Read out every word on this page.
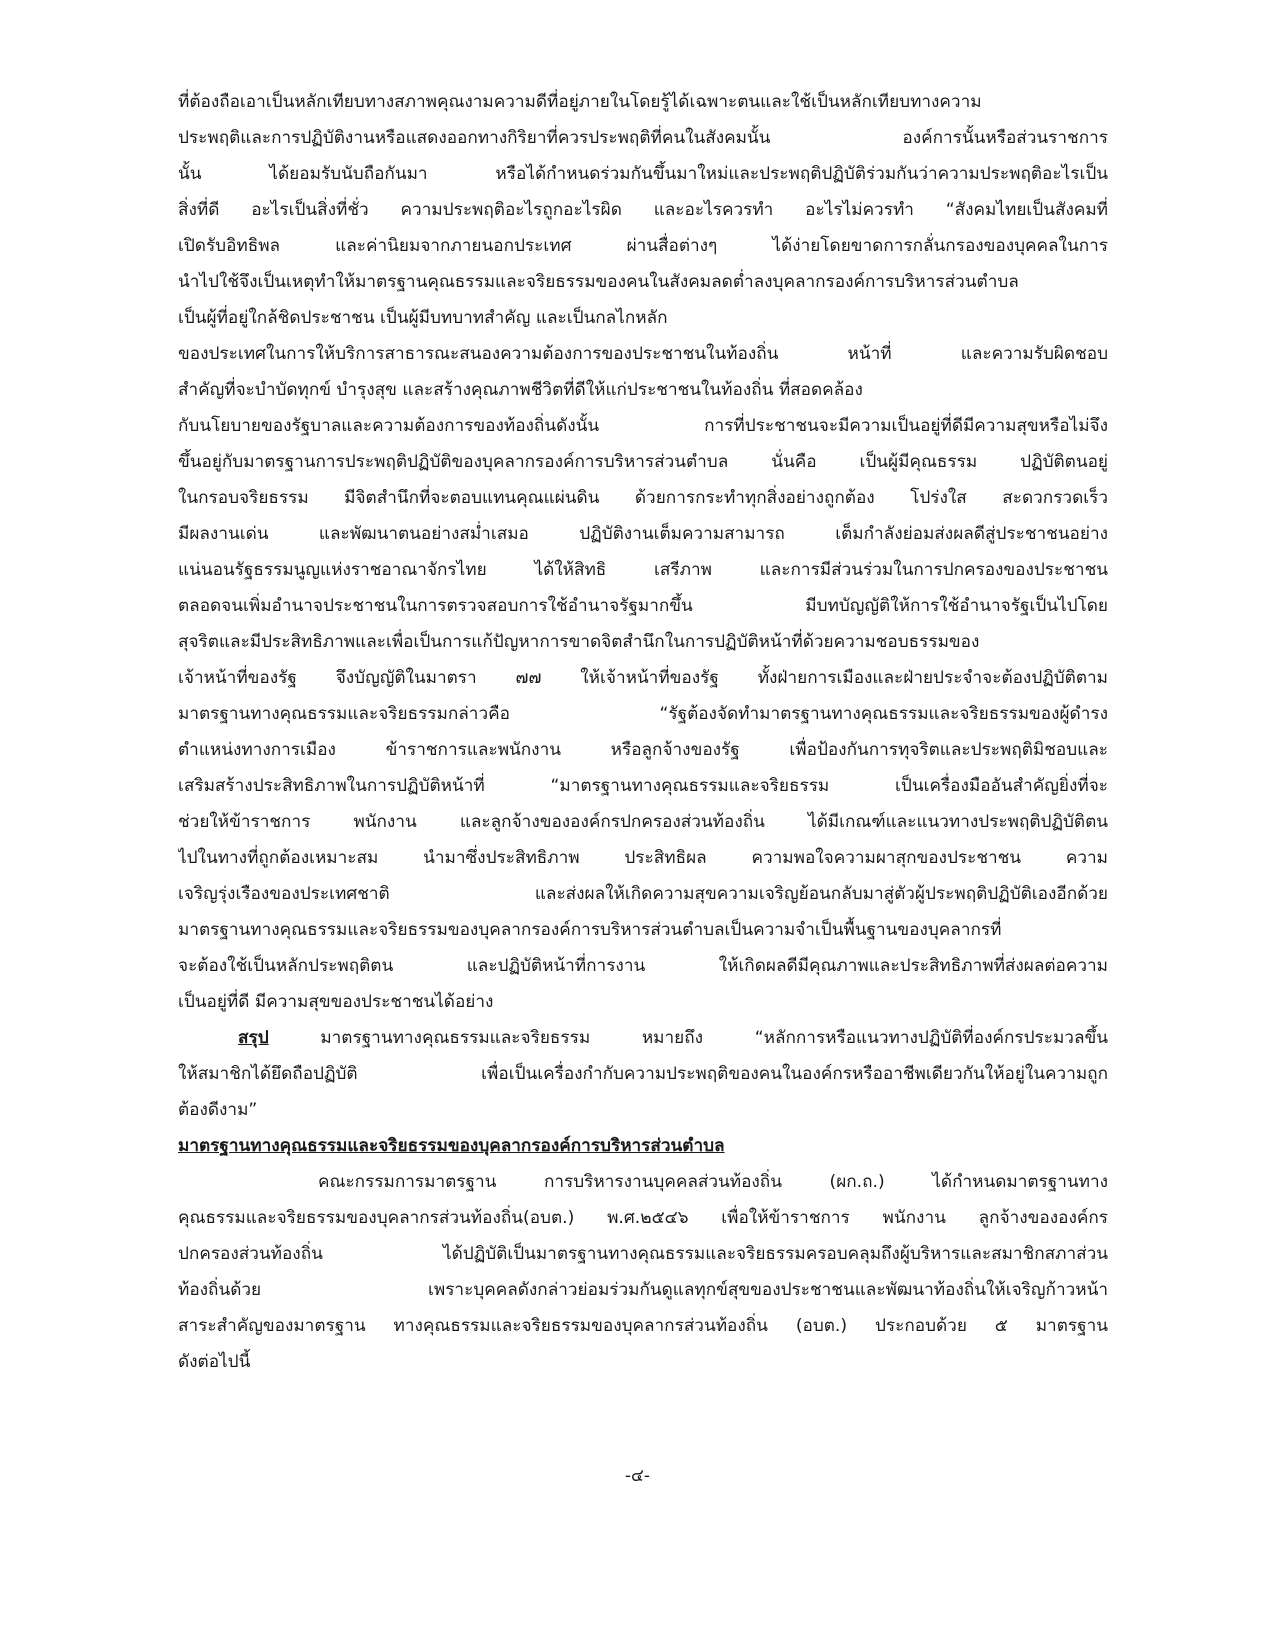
ที่ต้องถือเอาเป็นหลักเทียบทางสภาพคุณงามความดีที่อยู่ภายในโดยรู้ได้เฉพาะตนและใช้เป็นหลักเทียบทางความ
ประพฤติและการปฏิบัติงานหรือแสดงออกทางกิริยาที่ควรประพฤติที่คนในสังคมนั้น องค์การนั้นหรือส่วนราชการ
นั้น ได้ยอมรับนับถือกันมา หรือได้กำหนดร่วมกันขึ้นมาใหม่และประพฤติปฏิบัติร่วมกันว่าความประพฤติอะไรเป็น
สิ่งที่ดี อะไรเป็นสิ่งที่ชั่ว ความประพฤติอะไรถูกอะไรผิด และอะไรควรทำ อะไรไม่ควรทำ “สังคมไทยเป็นสังคมที่
เปิดรับอิทธิพล และค่านิยมจากภายนอกประเทศ ผ่านสื่อต่างๆ ได้ง่ายโดยขาดการกลั่นกรองของบุคคลในการ
นำไปใช้จึงเป็นเหตุทำให้มาตรฐานคุณธรรมและจริยธรรมของคนในสังคมลดต่ำลงบุคลากรองค์การบริหารส่วนตำบล
เป็นผู้ที่อยู่ใกล้ชิดประชาชน เป็นผู้มีบทบาทสำคัญ และเป็นกลไกหลัก
ของประเทศในการให้บริการสาธารณะสนองความต้องการของประชาชนในท้องถิ่น หน้าที่ และความรับผิดชอบ
สำคัญที่จะบำบัดทุกข์ บำรุงสุข และสร้างคุณภาพชีวิตที่ดีให้แก่ประชาชนในท้องถิ่น ที่สอดคล้อง
กับนโยบายของรัฐบาลและความต้องการของท้องถิ่นดังนั้น การที่ประชาชนจะมีความเป็นอยู่ที่ดีมีความสุขหรือไม่จึง
ขึ้นอยู่กับมาตรฐานการประพฤติปฏิบัติของบุคลากรองค์การบริหารส่วนตำบล นั่นคือ เป็นผู้มีคุณธรรม ปฏิบัติตนอยู่
ในกรอบจริยธรรม มีจิตสำนึกที่จะตอบแทนคุณแผ่นดิน ด้วยการกระทำทุกสิ่งอย่างถูกต้อง โปร่งใส สะดวกรวดเร็ว
มีผลงานเด่น และพัฒนาตนอย่างสม่ำเสมอ ปฏิบัติงานเต็มความสามารถ เต็มกำลังย่อมส่งผลดีสู่ประชาชนอย่าง
แน่นอนรัฐธรรมนูญแห่งราชอาณาจักรไทย ได้ให้สิทธิ เสรีภาพ และการมีส่วนร่วมในการปกครองของประชาชน
ตลอดจนเพิ่มอำนาจประชาชนในการตรวจสอบการใช้อำนาจรัฐมากขึ้น มีบทบัญญัติให้การใช้อำนาจรัฐเป็นไปโดย
สุจริตและมีประสิทธิภาพและเพื่อเป็นการแก้ปัญหาการขาดจิตสำนึกในการปฏิบัติหน้าที่ด้วยความชอบธรรมของ
เจ้าหน้าที่ของรัฐ จึงบัญญัติในมาตรา ๗๗ ให้เจ้าหน้าที่ของรัฐ ทั้งฝ่ายการเมืองและฝ่ายประจำจะต้องปฏิบัติตาม
มาตรฐานทางคุณธรรมและจริยธรรมกล่าวคือ “รัฐต้องจัดทำมาตรฐานทางคุณธรรมและจริยธรรมของผู้ดำรง
ตำแหน่งทางการเมือง ข้าราชการและพนักงาน หรือลูกจ้างของรัฐ เพื่อป้องกันการทุจริตและประพฤติมิชอบและ
เสริมสร้างประสิทธิภาพในการปฏิบัติหน้าที่ “มาตรฐานทางคุณธรรมและจริยธรรม เป็นเครื่องมืออันสำคัญยิ่งที่จะ
ช่วยให้ข้าราชการ พนักงาน และลูกจ้างขององค์กรปกครองส่วนท้องถิ่น ได้มีเกณฑ์และแนวทางประพฤติปฏิบัติตน
ไปในทางที่ถูกต้องเหมาะสม นำมาซึ่งประสิทธิภาพ ประสิทธิผล ความพอใจความผาสุกของประชาชน ความ
เจริญรุ่งเรืองของประเทศชาติ และส่งผลให้เกิดความสุขความเจริญย้อนกลับมาสู่ตัวผู้ประพฤติปฏิบัติเองอีกด้วย
มาตรฐานทางคุณธรรมและจริยธรรมของบุคลากรองค์การบริหารส่วนตำบลเป็นความจำเป็นพื้นฐานของบุคลากรที่
จะต้องใช้เป็นหลักประพฤติตน และปฏิบัติหน้าที่การงาน ให้เกิดผลดีมีคุณภาพและประสิทธิภาพที่ส่งผลต่อความ
เป็นอยู่ที่ดี มีความสุขของประชาชนได้อย่าง
สรุป มาตรฐานทางคุณธรรมและจริยธรรม หมายถึง “หลักการหรือแนวทางปฏิบัติที่องค์กรประมวลขึ้น
ให้สมาชิกได้ยึดถือปฏิบัติ เพื่อเป็นเครื่องกำกับความประพฤติของคนในองค์กรหรืออาชีพเดียวกันให้อยู่ในความถูก
ต้องดีงาม”
มาตรฐานทางคุณธรรมและจริยธรรมของบุคลากรองค์การบริหารส่วนตำบล
คณะกรรมการมาตรฐาน การบริหารงานบุคคลส่วนท้องถิ่น (ผก.ถ.) ได้กำหนดมาตรฐานทาง
คุณธรรมและจริยธรรมของบุคลากรส่วนท้องถิ่น(อบต.) พ.ศ.๒๕๔๖ เพื่อให้ข้าราชการ พนักงาน ลูกจ้างขององค์กร
ปกครองส่วนท้องถิ่น ได้ปฏิบัติเป็นมาตรฐานทางคุณธรรมและจริยธรรมครอบคลุมถึงผู้บริหารและสมาชิกสภาส่วน
ท้องถิ่นด้วย เพราะบุคคลดังกล่าวย่อมร่วมกันดูแลทุกข์สุขของประชาชนและพัฒนาท้องถิ่นให้เจริญก้าวหน้า
สาระสำคัญของมาตรฐาน ทางคุณธรรมและจริยธรรมของบุคลากรส่วนท้องถิ่น (อบต.) ประกอบด้วย ๕ มาตรฐาน
ดังต่อไปนี้
-๔-
